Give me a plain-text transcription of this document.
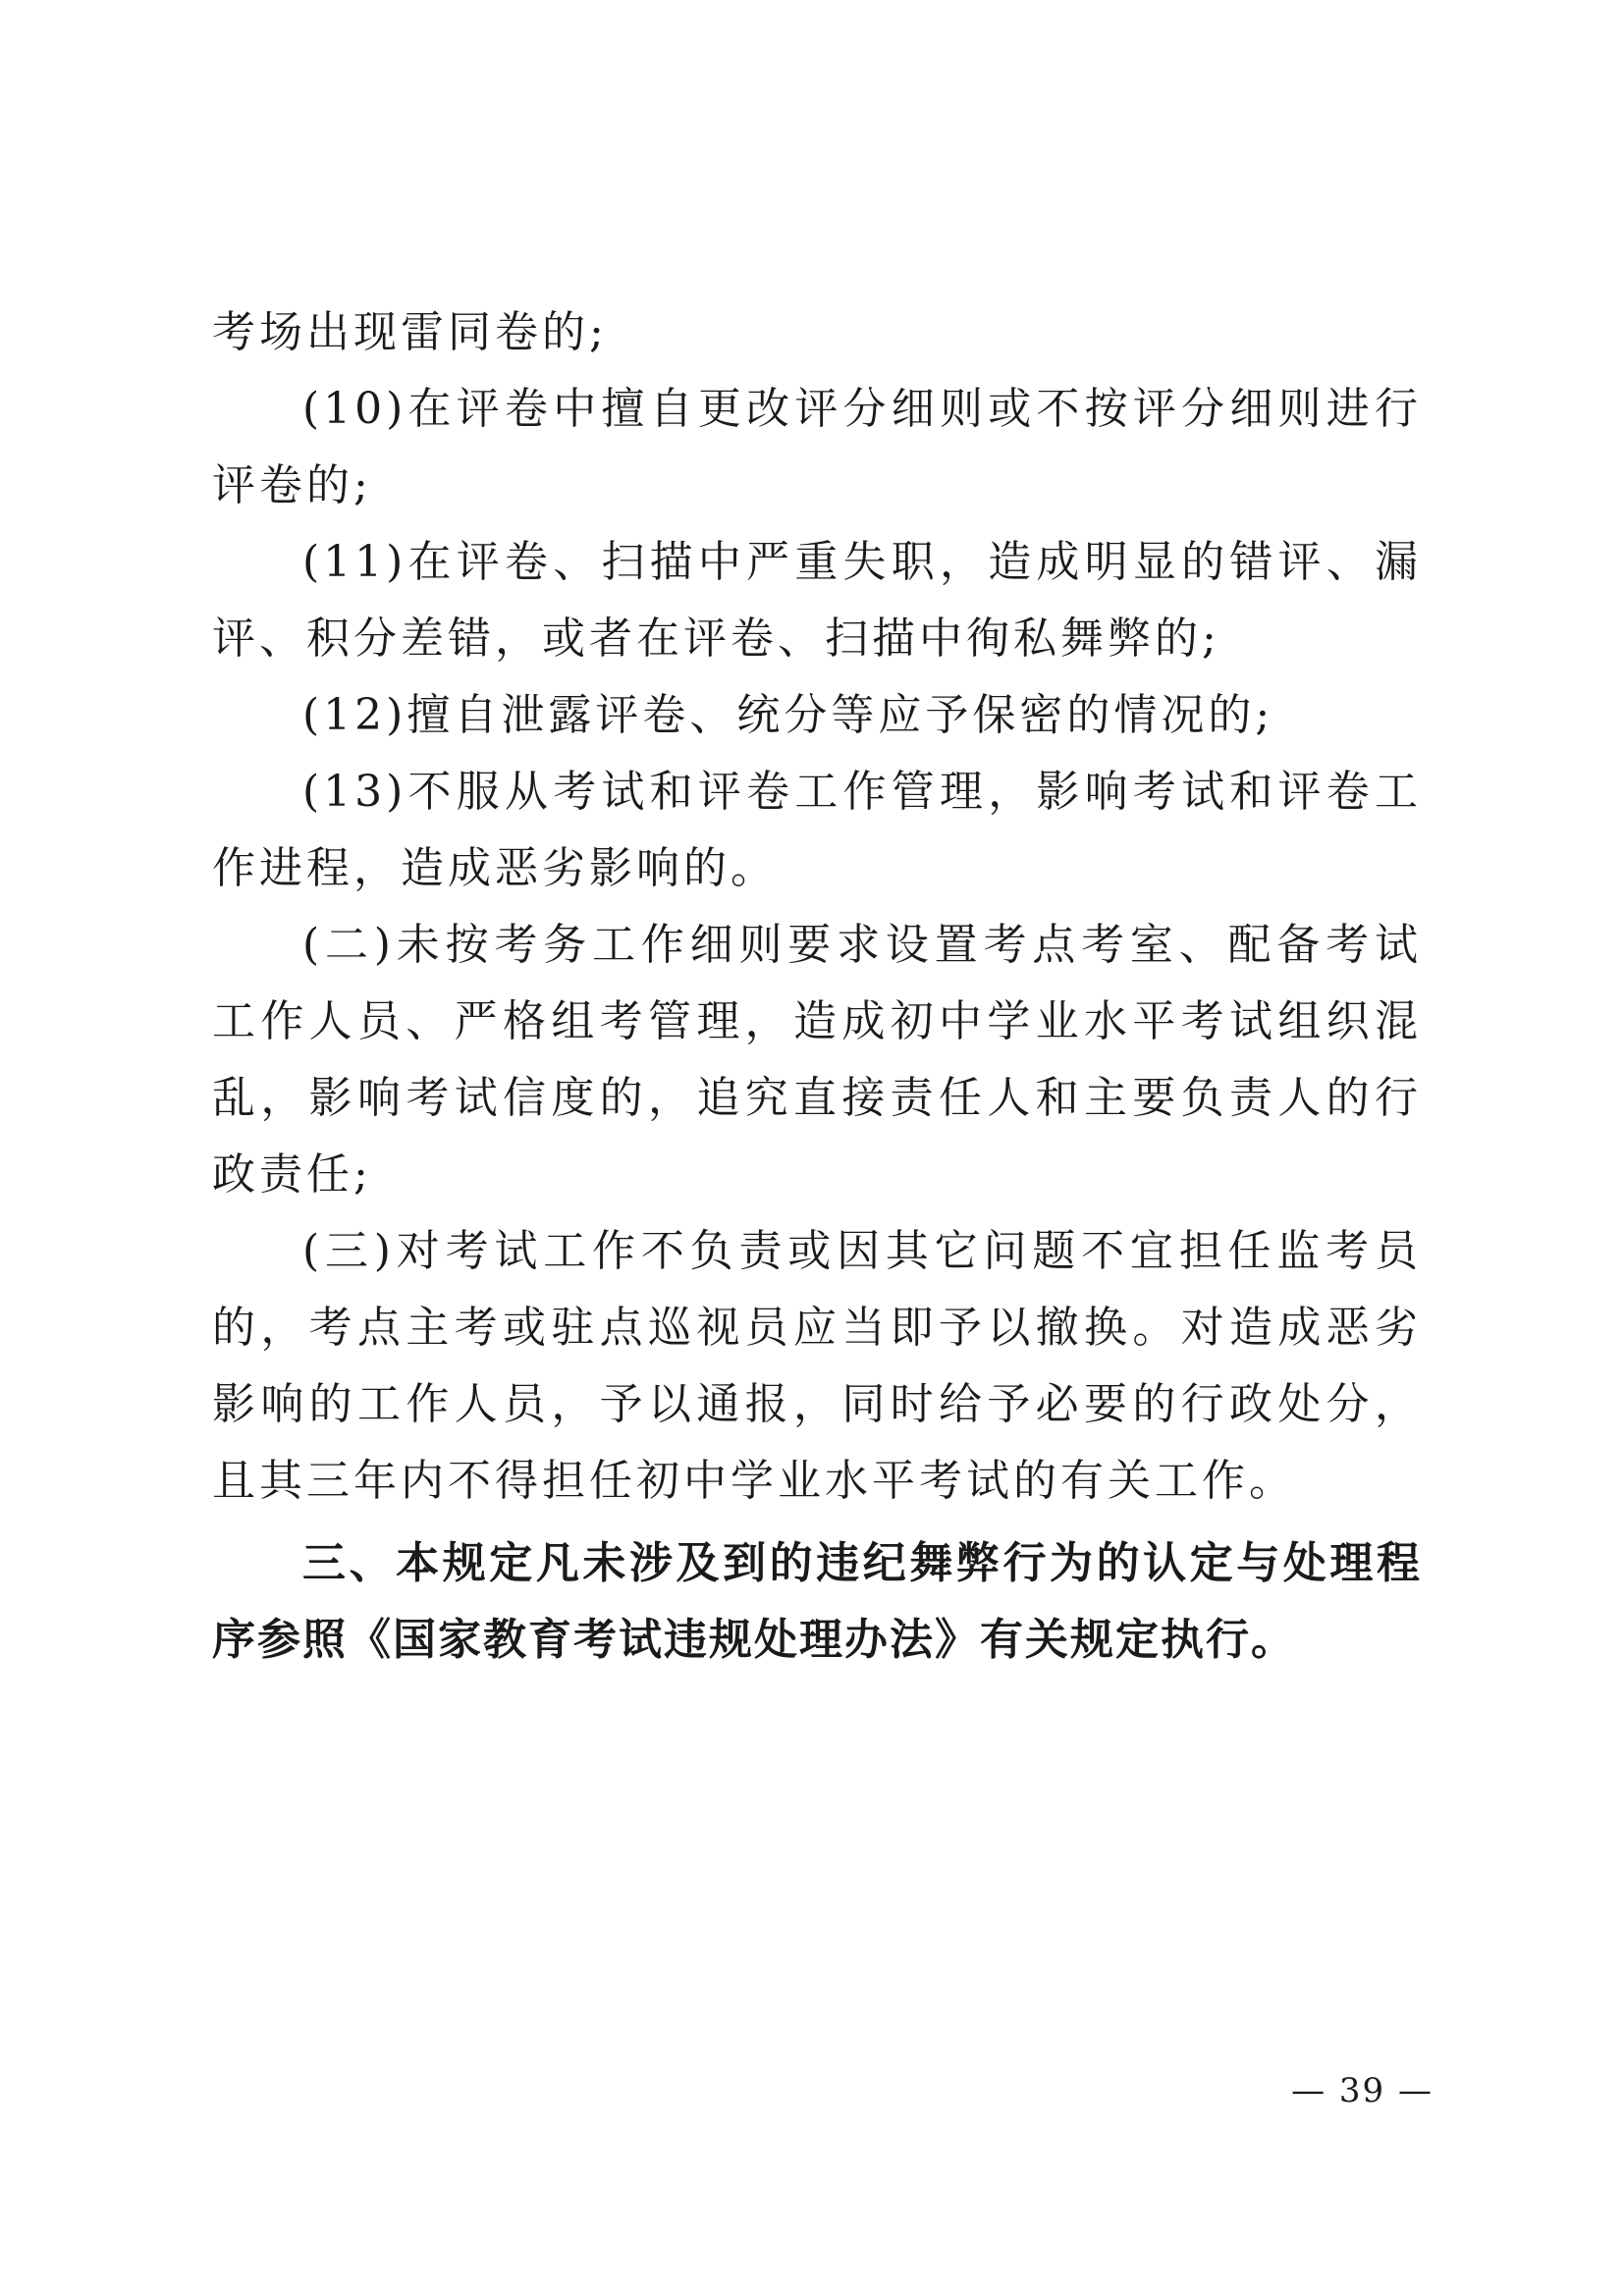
考场出现雷同卷的;

(10)在评卷中擅自更改评分细则或不按评分细则进行评卷的;

(11)在评卷、扫描中严重失职，造成明显的错评、漏评、积分差错，或者在评卷、扫描中徇私舞弊的;

(12)擅自泄露评卷、统分等应予保密的情况的;

(13)不服从考试和评卷工作管理，影响考试和评卷工作进程，造成恶劣影响的。

(二)未按考务工作细则要求设置考点考室、配备考试工作人员、严格组考管理，造成初中学业水平考试组织混乱，影响考试信度的，追究直接责任人和主要负责人的行政责任;

(三)对考试工作不负责或因其它问题不宜担任监考员的，考点主考或驻点巡视员应当即予以撤换。对造成恶劣影响的工作人员，予以通报，同时给予必要的行政处分，且其三年内不得担任初中学业水平考试的有关工作。

三、本规定凡未涉及到的违纪舞弊行为的认定与处理程序参照《国家教育考试违规处理办法》有关规定执行。

— 39 —
